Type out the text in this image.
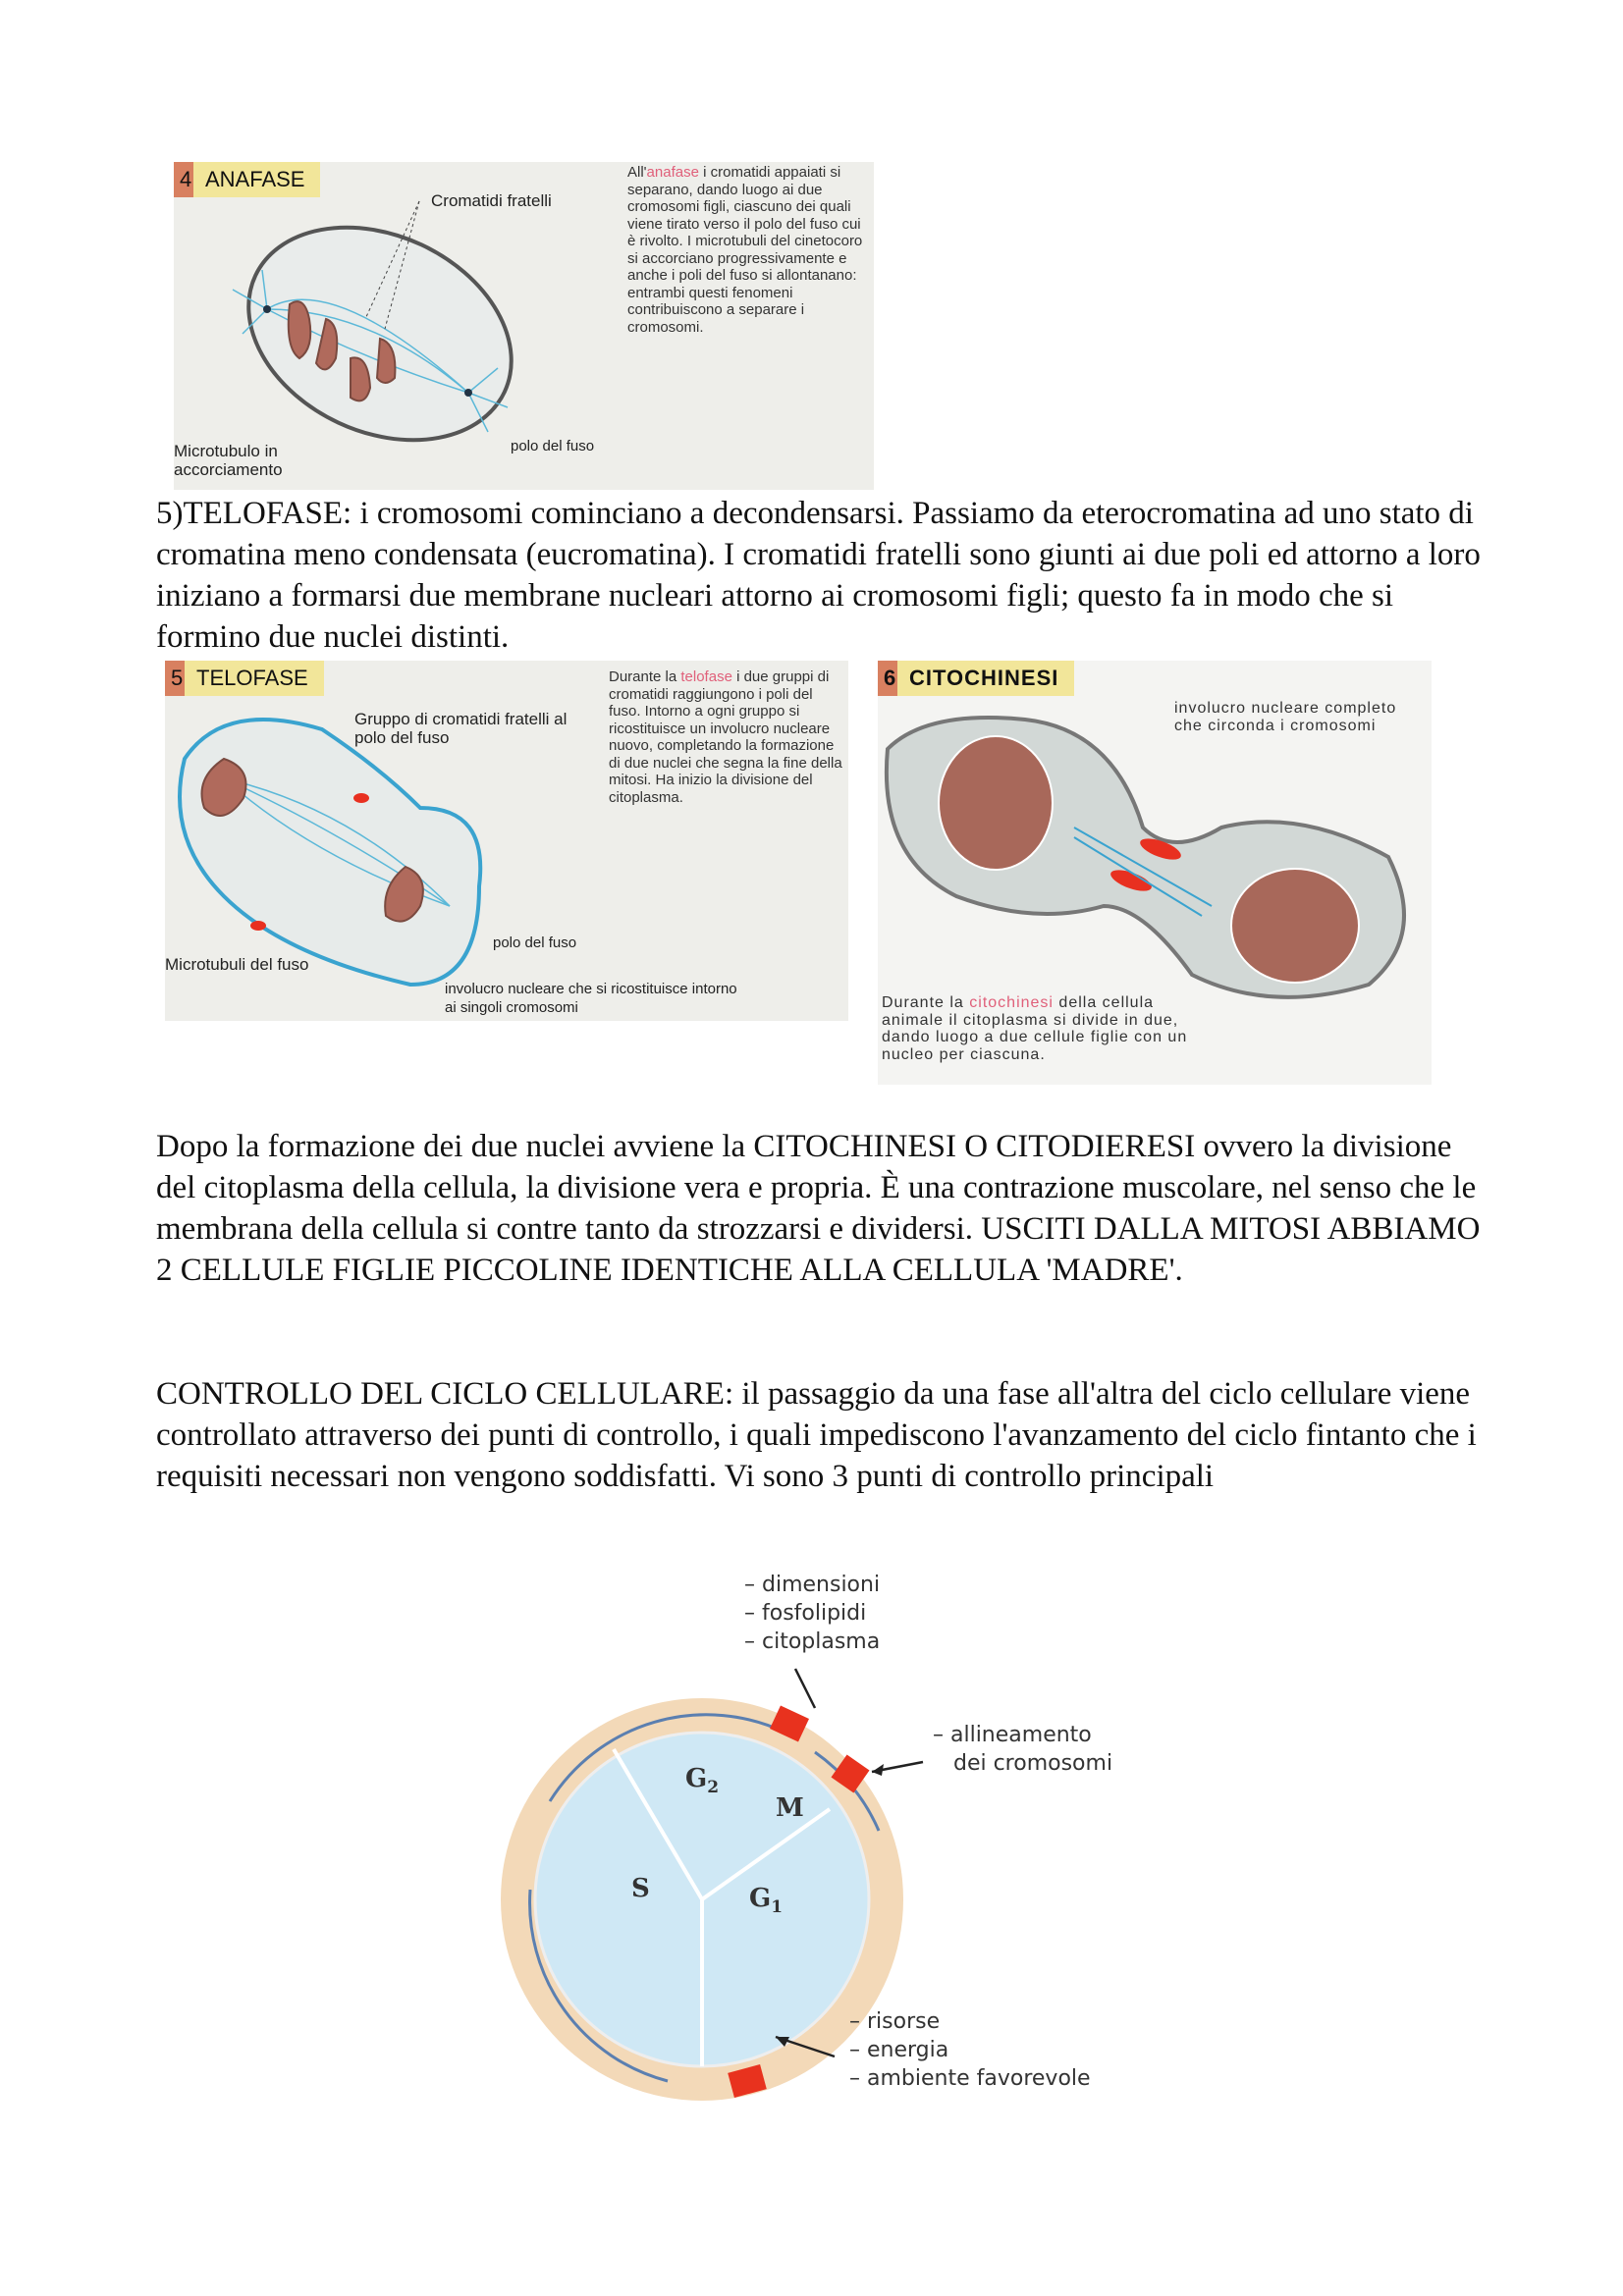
4 ANAFASE
Cromatidi fratelli
Microtubulo in accorciamento
polo del fuso
All'anafase i cromatidi appaiati si separano, dando luogo ai due cromosomi figli, ciascuno dei quali viene tirato verso il polo del fuso cui è rivolto. I microtubuli del cinetocoro si accorciano progressivamente e anche i poli del fuso si allontanano: entrambi questi fenomeni contribuiscono a separare i cromosomi.
5)TELOFASE: i cromosomi cominciano a decondensarsi. Passiamo da eterocromatina ad uno stato di cromatina meno condensata (eucromatina). I cromatidi fratelli sono giunti ai due poli ed attorno a loro iniziano a formarsi due membrane nucleari attorno ai cromosomi figli; questo fa in modo che si formino due nuclei distinti.
5 TELOFASE
Gruppo di cromatidi fratelli al polo del fuso
Microtubuli del fuso
polo del fuso
involucro nucleare che si ricostituisce intorno ai singoli cromosomi
Durante la telofase i due gruppi di cromatidi raggiungono i poli del fuso. Intorno a ogni gruppo si ricostituisce un involucro nucleare nuovo, completando la formazione di due nuclei che segna la fine della mitosi. Ha inizio la divisione del citoplasma.
6 CITOCHINESI
involucro nucleare completo che circonda i cromosomi
Durante la citochinesi della cellula animale il citoplasma si divide in due, dando luogo a due cellule figlie con un nucleo per ciascuna.
Dopo la formazione dei due nuclei avviene la CITOCHINESI O CITODIERESI ovvero la divisione del citoplasma della cellula, la divisione vera e propria. È una contrazione muscolare, nel senso che le membrana della cellula si contre tanto da strozzarsi e dividersi. USCITI DALLA MITOSI ABBIAMO 2 CELLULE FIGLIE PICCOLINE IDENTICHE ALLA CELLULA 'MADRE'.
CONTROLLO DEL CICLO CELLULARE: il passaggio da una fase all'altra del ciclo cellulare viene controllato attraverso dei punti di controllo, i quali impediscono l'avanzamento del ciclo fintanto che i requisiti necessari non vengono soddisfatti. Vi sono 3 punti di controllo principali
$G_2$
M
S	$G_1$
– dimensioni
– fosfolipidi
– citoplasma
– allineamento
dei cromosomi
– risorse
– energia
– ambiente favorevole
